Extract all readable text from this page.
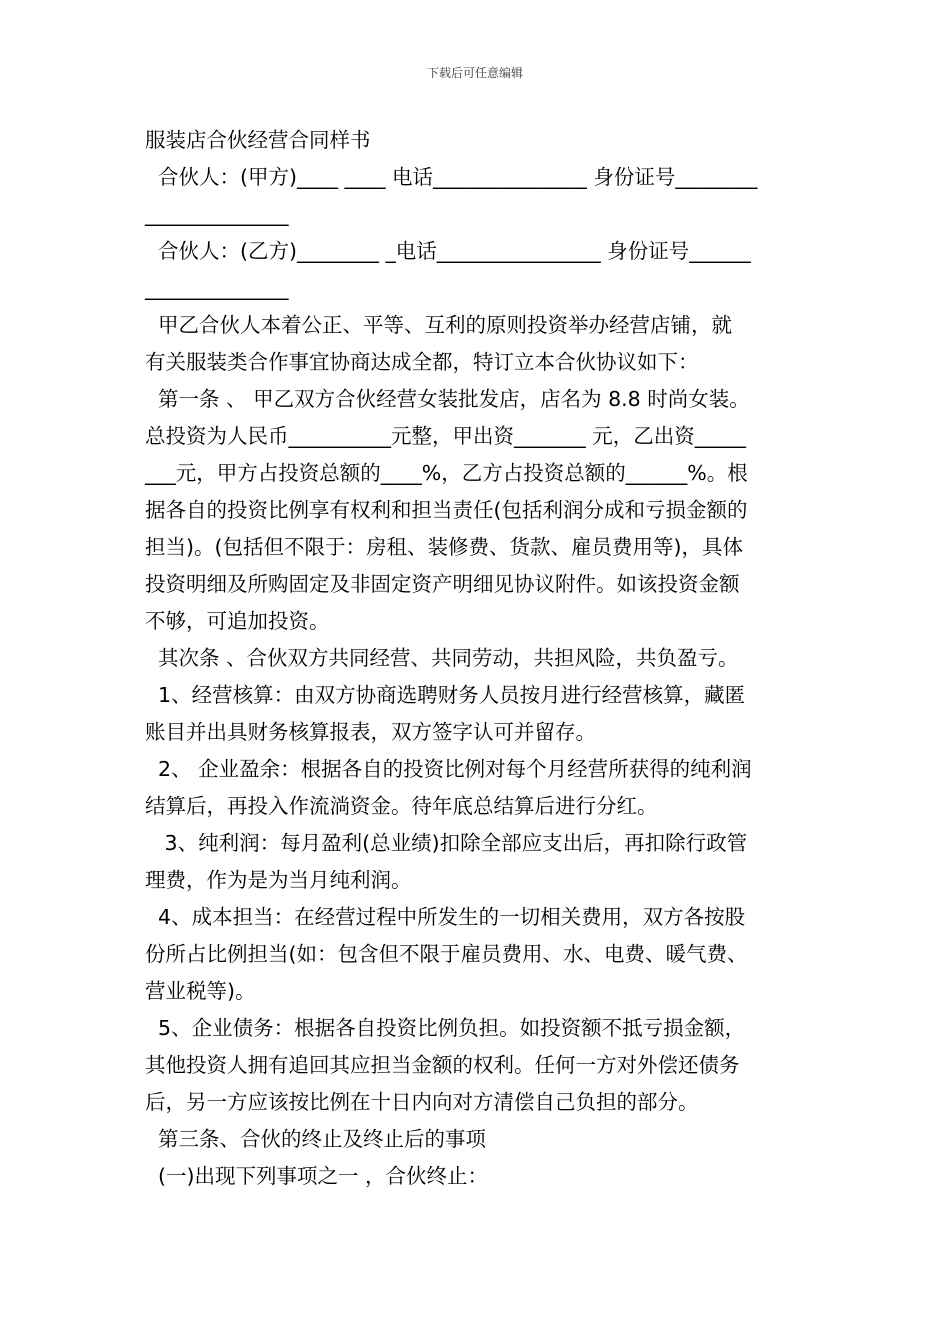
下载后可任意编辑
服装店合伙经营合同样书
合伙人：(甲方)____ ____ 电话_______________ 身份证号________
______________
合伙人：(乙方)________ _电话________________ 身份证号______
______________
甲乙合伙人本着公正、平等、互利的原则投资举办经营店铺，就
有关服装类合作事宜协商达成全都，特订立本合伙协议如下：
第一条 、 甲乙双方合伙经营女装批发店，店名为 8.8 时尚女装。
总投资为人民币__________元整，甲出资_______ 元，乙出资_____
___元，甲方占投资总额的____%，乙方占投资总额的______%。根
据各自的投资比例享有权利和担当责任(包括利润分成和亏损金额的
担当)。(包括但不限于：房租、装修费、货款、雇员费用等)，具体
投资明细及所购固定及非固定资产明细见协议附件。如该投资金额
不够，可追加投资。
其次条 、合伙双方共同经营、共同劳动，共担风险，共负盈亏。
1、经营核算：由双方协商选聘财务人员按月进行经营核算，藏匿
账目并出具财务核算报表，双方签字认可并留存。
2、 企业盈余：根据各自的投资比例对每个月经营所获得的纯利润
结算后，再投入作流淌资金。待年底总结算后进行分红。
3、纯利润：每月盈利(总业绩)扣除全部应支出后，再扣除行政管
理费，作为是为当月纯利润。
4、成本担当：在经营过程中所发生的一切相关费用，双方各按股
份所占比例担当(如：包含但不限于雇员费用、水、电费、暖气费、
营业税等)。
5、企业债务：根据各自投资比例负担。如投资额不抵亏损金额，
其他投资人拥有追回其应担当金额的权利。任何一方对外偿还债务
后，另一方应该按比例在十日内向对方清偿自己负担的部分。
第三条、合伙的终止及终止后的事项
(一)出现下列事项之一 ，合伙终止：
